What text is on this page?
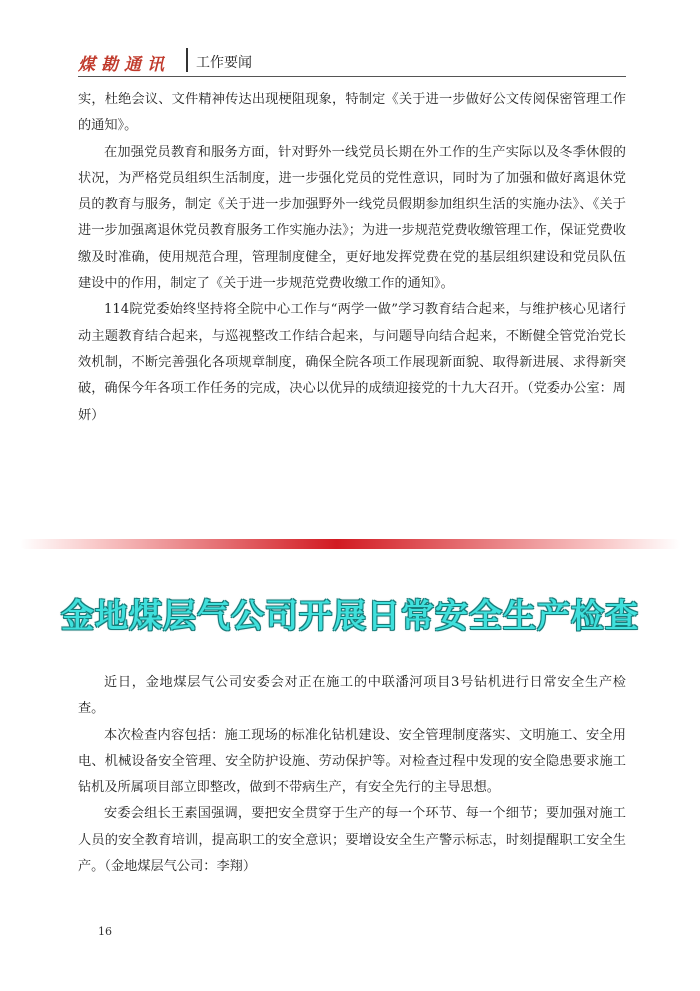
煤勘通讯 工作要闻

实，杜绝会议、文件精神传达出现梗阻现象，特制定《关于进一步做好公文传阅保密管理工作的通知》。

在加强党员教育和服务方面，针对野外一线党员长期在外工作的生产实际以及冬季休假的状况，为严格党员组织生活制度，进一步强化党员的党性意识，同时为了加强和做好离退休党员的教育与服务，制定《关于进一步加强野外一线党员假期参加组织生活的实施办法》、《关于进一步加强离退休党员教育服务工作实施办法》；为进一步规范党费收缴管理工作，保证党费收缴及时准确，使用规范合理，管理制度健全，更好地发挥党费在党的基层组织建设和党员队伍建设中的作用，制定了《关于进一步规范党费收缴工作的通知》。

114院党委始终坚持将全院中心工作与“两学一做”学习教育结合起来，与维护核心见诸行动主题教育结合起来，与巡视整改工作结合起来，与问题导向结合起来，不断健全管党治党长效机制，不断完善强化各项规章制度，确保全院各项工作展现新面貌、取得新进展、求得新突破，确保今年各项工作任务的完成，决心以优异的成绩迎接党的十九大召开。（党委办公室：周妍）

金地煤层气公司开展日常安全生产检查

近日，金地煤层气公司安委会对正在施工的中联潘河项目3号钻机进行日常安全生产检查。

本次检查内容包括：施工现场的标准化钻机建设、安全管理制度落实、文明施工、安全用电、机械设备安全管理、安全防护设施、劳动保护等。对检查过程中发现的安全隐患要求施工钻机及所属项目部立即整改，做到不带病生产，有安全先行的主导思想。

安委会组长王素国强调，要把安全贯穿于生产的每一个环节、每一个细节；要加强对施工人员的安全教育培训，提高职工的安全意识；要增设安全生产警示标志，时刻提醒职工安全生产。（金地煤层气公司：李翔）

16
